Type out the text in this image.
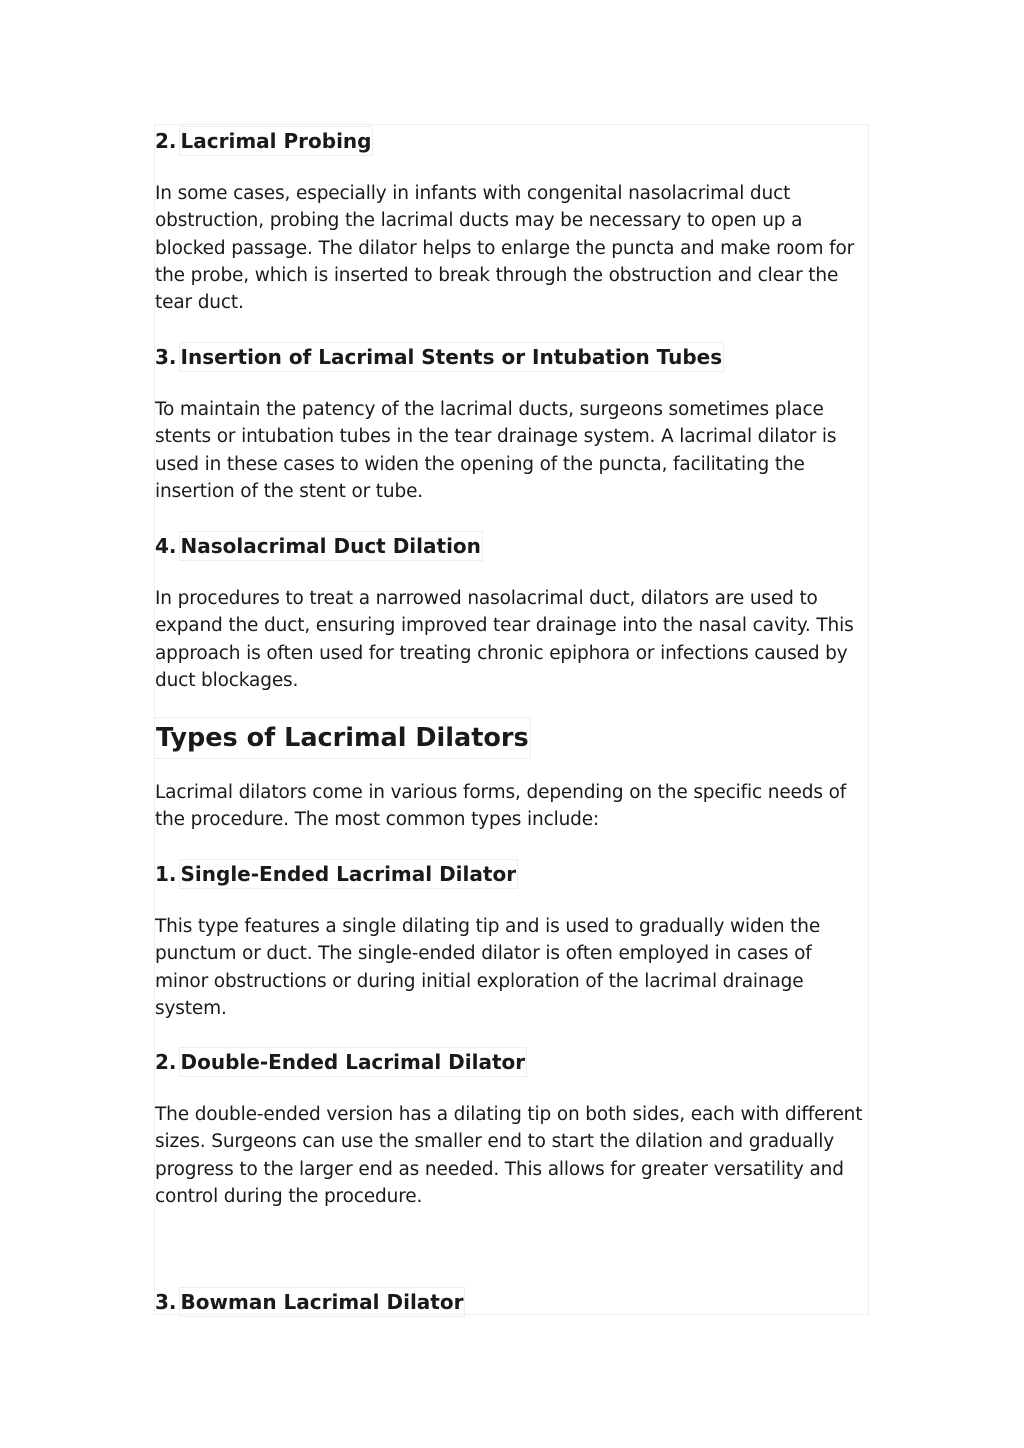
2. Lacrimal Probing
In some cases, especially in infants with congenital nasolacrimal duct
obstruction, probing the lacrimal ducts may be necessary to open up a
blocked passage. The dilator helps to enlarge the puncta and make room for
the probe, which is inserted to break through the obstruction and clear the
tear duct.
3. Insertion of Lacrimal Stents or Intubation Tubes
To maintain the patency of the lacrimal ducts, surgeons sometimes place
stents or intubation tubes in the tear drainage system. A lacrimal dilator is
used in these cases to widen the opening of the puncta, facilitating the
insertion of the stent or tube.
4. Nasolacrimal Duct Dilation
In procedures to treat a narrowed nasolacrimal duct, dilators are used to
expand the duct, ensuring improved tear drainage into the nasal cavity. This
approach is often used for treating chronic epiphora or infections caused by
duct blockages.
Types of Lacrimal Dilators
Lacrimal dilators come in various forms, depending on the specific needs of
the procedure. The most common types include:
1. Single-Ended Lacrimal Dilator
This type features a single dilating tip and is used to gradually widen the
punctum or duct. The single-ended dilator is often employed in cases of
minor obstructions or during initial exploration of the lacrimal drainage
system.
2. Double-Ended Lacrimal Dilator
The double-ended version has a dilating tip on both sides, each with different
sizes. Surgeons can use the smaller end to start the dilation and gradually
progress to the larger end as needed. This allows for greater versatility and
control during the procedure.
3. Bowman Lacrimal Dilator
